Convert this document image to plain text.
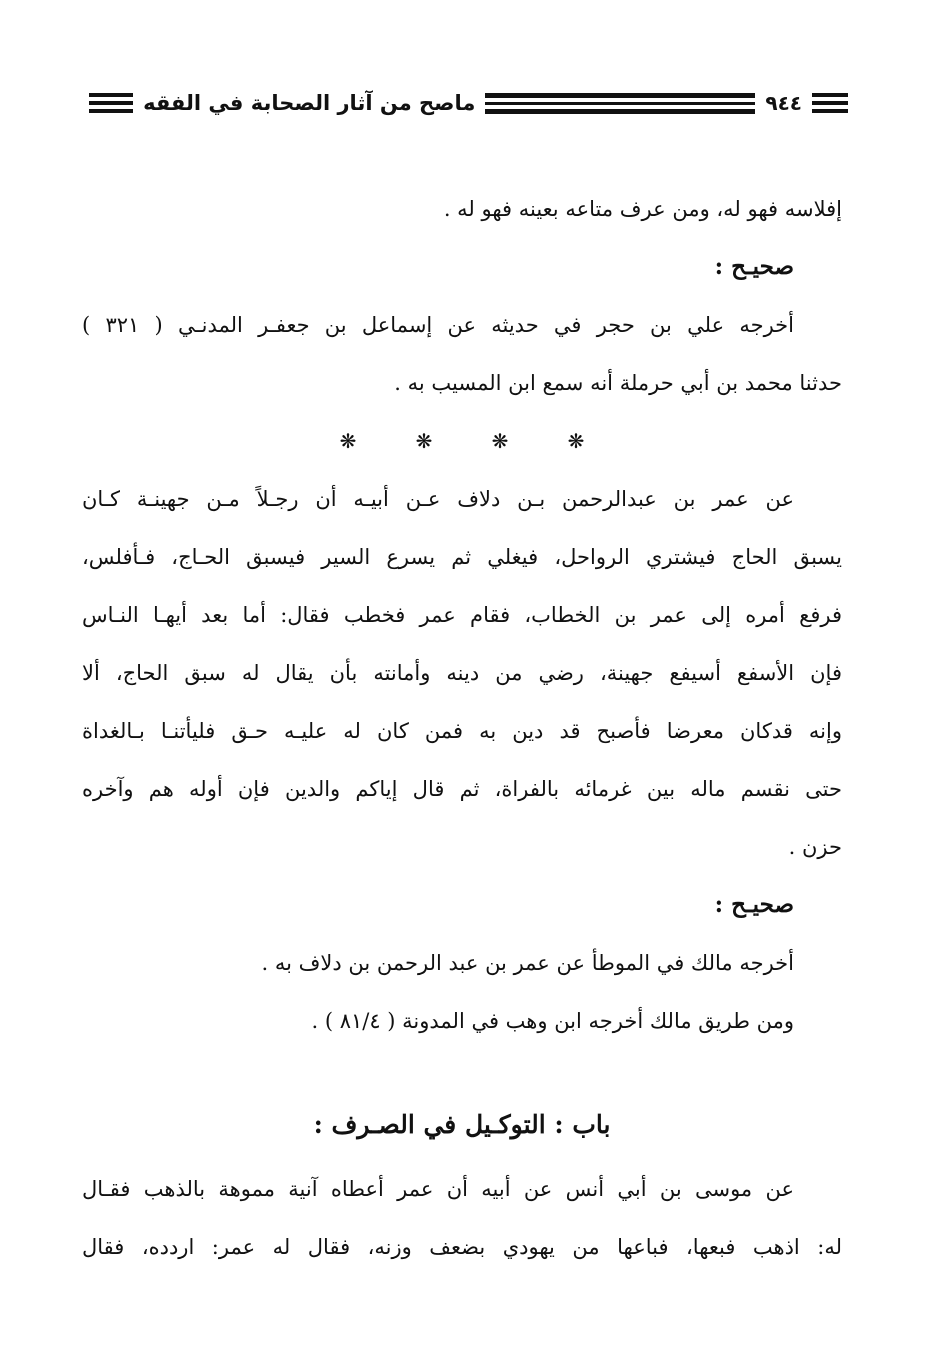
٩٤٤
ماصح من آثار الصحابة في الفقه
إفلاسه فهو له، ومن عرف متاعه بعينه فهو له .
صحيـح :
أخرجه علي بن حجر في حديثه عن إسماعل بن جعفـر المدنـي ( ٣٢١ )
حدثنا محمد بن أبي حرملة أنه سمع ابن المسيب به .
❋❋❋❋
عن عمر بن عبدالرحمن بـن دلاف عـن أبيـه أن رجـلاً مـن جهينـة كـان
يسبق الحاج فيشتري الرواحل، فيغلي ثم يسرع السير فيسبق الحـاج، فـأفلس،
فرفع أمره إلى عمر بن الخطاب، فقام عمر فخطب فقال: أما بعد أيهـا النـاس
فإن الأسفع أسيفع جهينة، رضي من دينه وأمانته بأن يقال له سبق الحاج، ألا
وإنه قدكان معرضا فأصبح قد دين به فمن كان له عليـه حـق فليأتنـا بـالغداة
حتى نقسم ماله بين غرمائه بالفراة، ثم قال إياكم والدين فإن أوله هم وآخره
حزن .
صحيـح :
أخرجه مالك في الموطأ عن عمر بن عبد الرحمن بن دلاف به .
ومن طريق مالك أخرجه ابن وهب في المدونة ( ٨١/٤ ) .
باب : التوكـيل في الصـرف :
عن موسى بن أبي أنس عن أبيه أن عمر أعطاه آنية مموهة بالذهب فقـال
له: اذهب فبعها، فباعها من يهودي بضعف وزنه، فقال له عمر: اردده، فقال
